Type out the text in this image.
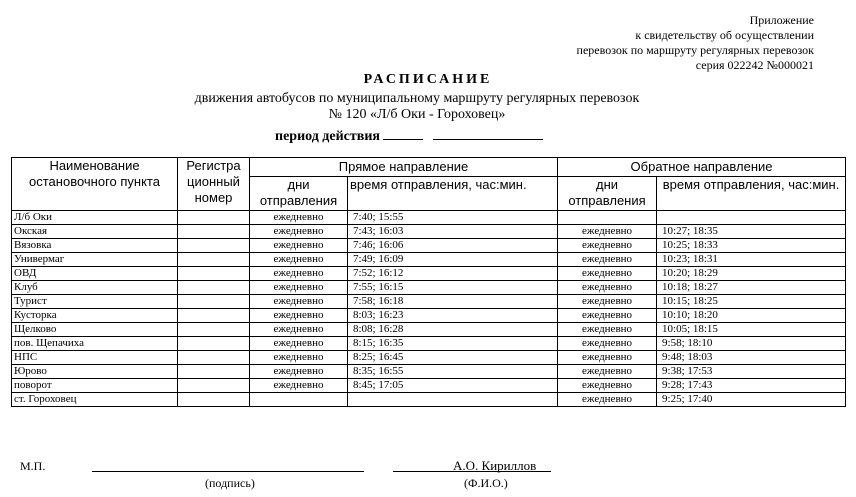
Приложение
к свидетельству об осуществлении
перевозок по маршруту регулярных перевозок
серия 022242 №000021
РАСПИСАНИЕ
движения автобусов по муниципальному маршруту регулярных перевозок
№ 120 «Л/б Оки - Гороховец»
период действия
Наименование остановочного пункта	Регистра ционный номер	Прямое направление		Обратное направление	
		дни отправления	время отправления, час:мин.	дни отправления	время отправления, час:мин.
Л/б Оки		ежедневно	7:40; 15:55		
Окская		ежедневно	7:43; 16:03	ежедневно	10:27; 18:35
Вязовка		ежедневно	7:46; 16:06	ежедневно	10:25; 18:33
Универмаг		ежедневно	7:49; 16:09	ежедневно	10:23; 18:31
ОВД		ежедневно	7:52; 16:12	ежедневно	10:20; 18:29
Клуб		ежедневно	7:55; 16:15	ежедневно	10:18; 18:27
Турист		ежедневно	7:58; 16:18	ежедневно	10:15; 18:25
Кусторка		ежедневно	8:03; 16:23	ежедневно	10:10; 18:20
Щелково		ежедневно	8:08; 16:28	ежедневно	10:05; 18:15
пов. Щепачиха		ежедневно	8:15; 16:35	ежедневно	9:58; 18:10
НПС		ежедневно	8:25; 16:45	ежедневно	9:48; 18:03
Юрово		ежедневно	8:35; 16:55	ежедневно	9:38; 17:53
поворот		ежедневно	8:45; 17:05	ежедневно	9:28; 17:43
ст. Гороховец				ежедневно	9:25; 17:40
М.П.
(подпись)
А.О. Кириллов
(Ф.И.О.)
